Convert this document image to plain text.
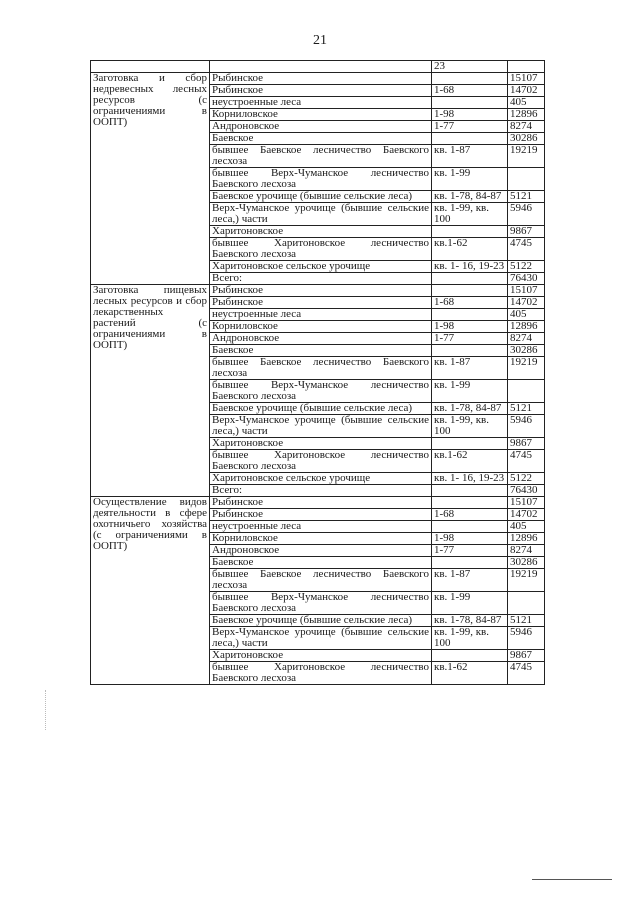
21
		23	
Заготовка и сбор недревесных лесных ресурсов (с ограничениями в ООПТ)	Рыбинское		15107
	Рыбинское	1-68	14702
	неустроенные леса		405
	Корниловское	1-98	12896
	Андроновское	1-77	8274
	Баевское		30286
	бывшее Баевское лесничество Баевского лесхоза	кв. 1-87	19219
	бывшее Верх-Чуманское лесничество Баевского лесхоза	кв. 1-99	
	Баевское урочище (бывшие сельские леса)	кв. 1-78, 84-87	5121
	Верх-Чуманское урочище (бывшие сельские леса,) части	кв. 1-99, кв. 100	5946
	Харитоновское		9867
	бывшее Харитоновское лесничество Баевского лесхоза	кв.1-62	4745
	Харитоновское сельское урочище	кв. 1- 16, 19-23	5122
	Всего:		76430
Заготовка пищевых лесных ресурсов и сбор лекарственных растений (с ограничениями в ООПТ)	Рыбинское		15107
	Рыбинское	1-68	14702
	неустроенные леса		405
	Корниловское	1-98	12896
	Андроновское	1-77	8274
	Баевское		30286
	бывшее Баевское лесничество Баевского лесхоза	кв. 1-87	19219
	бывшее Верх-Чуманское лесничество Баевского лесхоза	кв. 1-99	
	Баевское урочище (бывшие сельские леса)	кв. 1-78, 84-87	5121
	Верх-Чуманское урочище (бывшие сельские леса,) части	кв. 1-99, кв. 100	5946
	Харитоновское		9867
	бывшее Харитоновское лесничество Баевского лесхоза	кв.1-62	4745
	Харитоновское сельское урочище	кв. 1- 16, 19-23	5122
	Всего:		76430
Осуществление видов деятельности в сфере охотничьего хозяйства (с ограничениями в ООПТ)	Рыбинское		15107
	Рыбинское	1-68	14702
	неустроенные леса		405
	Корниловское	1-98	12896
	Андроновское	1-77	8274
	Баевское		30286
	бывшее Баевское лесничество Баевского лесхоза	кв. 1-87	19219
	бывшее Верх-Чуманское лесничество Баевского лесхоза	кв. 1-99	
	Баевское урочище (бывшие сельские леса)	кв. 1-78, 84-87	5121
	Верх-Чуманское урочище (бывшие сельские леса,) части	кв. 1-99, кв. 100	5946
	Харитоновское		9867
	бывшее Харитоновское лесничество Баевского лесхоза	кв.1-62	4745
